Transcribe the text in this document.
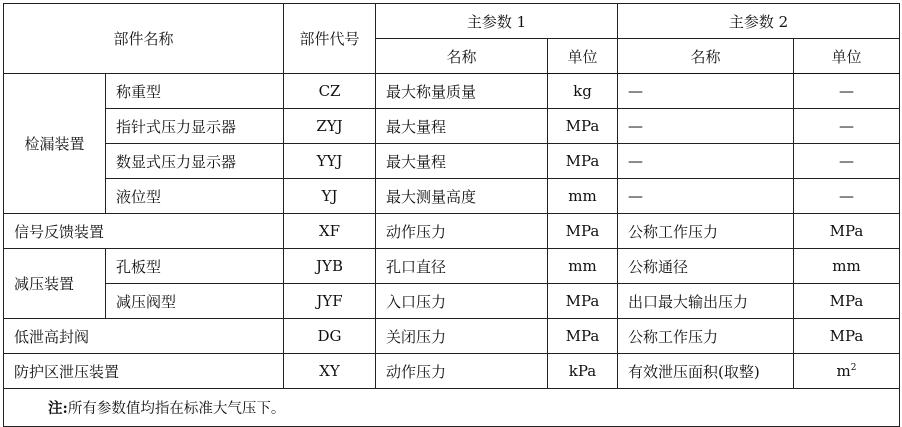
部件名称		部件代号	主参数 1		主参数 2	
			名称	单位	名称	单位
检漏装置	称重型	CZ	最大称量质量	kg	—	—
	指针式压力显示器	ZYJ	最大量程	MPa	—	—
	数显式压力显示器	YYJ	最大量程	MPa	—	—
	液位型	YJ	最大测量高度	mm	—	—
信号反馈装置		XF	动作压力	MPa	公称工作压力	MPa
减压装置	孔板型	JYB	孔口直径	mm	公称通径	mm
	减压阀型	JYF	入口压力	MPa	出口最大输出压力	MPa
低泄高封阀		DG	关闭压力	MPa	公称工作压力	MPa
防护区泄压装置		XY	动作压力	kPa	有效泄压面积(取整)	$m^2$
注:所有参数值均指在标准大气压下。						
